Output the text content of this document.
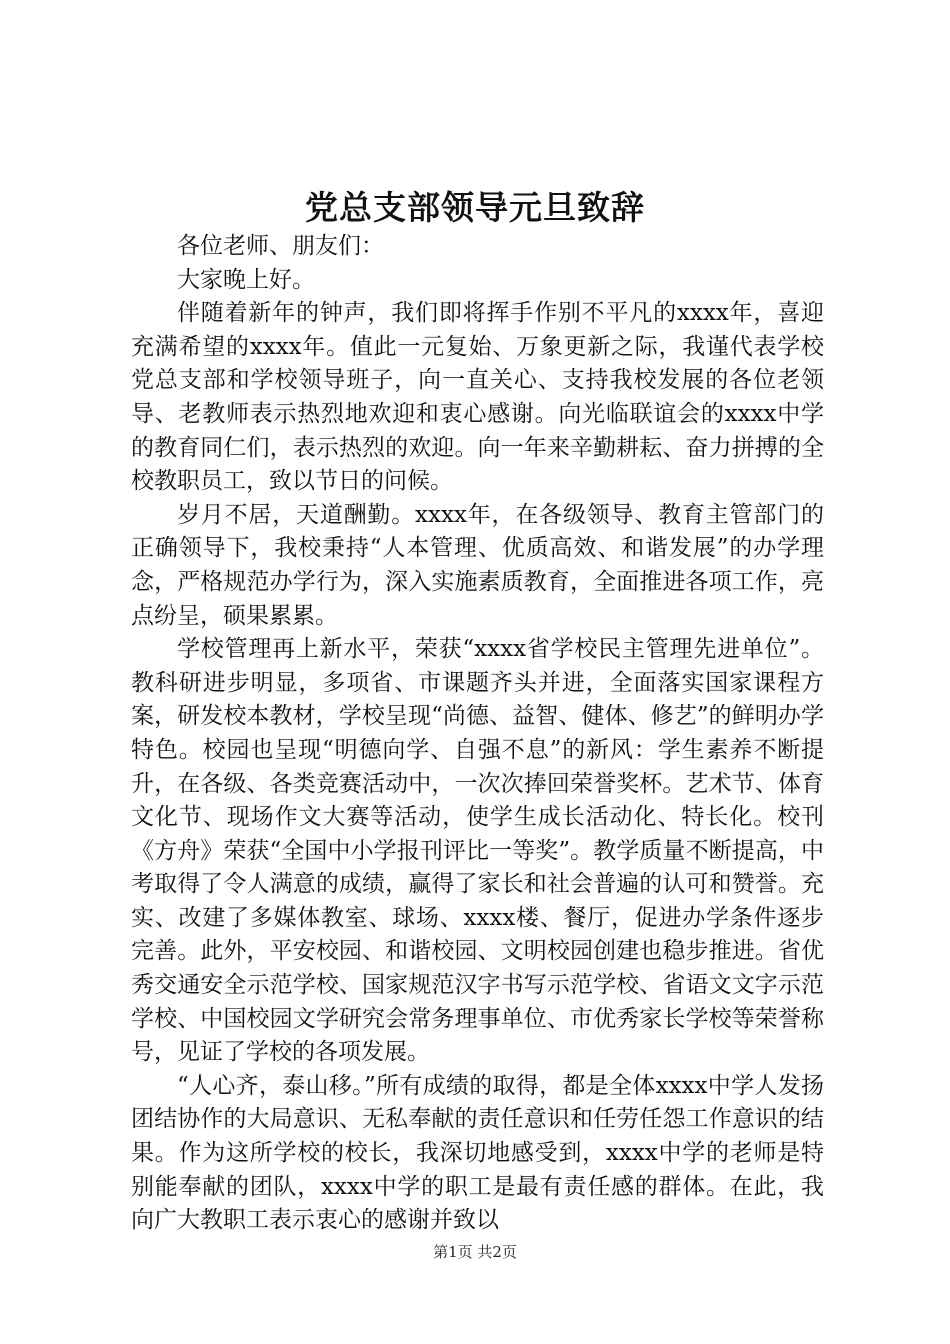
党总支部领导元旦致辞

各位老师、朋友们：

大家晚上好。

伴随着新年的钟声，我们即将挥手作别不平凡的xxxx年，喜迎充满希望的xxxx年。值此一元复始、万象更新之际，我谨代表学校党总支部和学校领导班子，向一直关心、支持我校发展的各位老领导、老教师表示热烈地欢迎和衷心感谢。向光临联谊会的xxxx中学的教育同仁们，表示热烈的欢迎。向一年来辛勤耕耘、奋力拼搏的全校教职员工，致以节日的问候。

岁月不居，天道酬勤。xxxx年，在各级领导、教育主管部门的正确领导下，我校秉持“人本管理、优质高效、和谐发展”的办学理念，严格规范办学行为，深入实施素质教育，全面推进各项工作，亮点纷呈，硕果累累。

学校管理再上新水平，荣获“xxxx省学校民主管理先进单位”。教科研进步明显，多项省、市课题齐头并进，全面落实国家课程方案，研发校本教材，学校呈现“尚德、益智、健体、修艺”的鲜明办学特色。校园也呈现“明德向学、自强不息”的新风：学生素养不断提升，在各级、各类竞赛活动中，一次次捧回荣誉奖杯。艺术节、体育文化节、现场作文大赛等活动，使学生成长活动化、特长化。校刊《方舟》荣获“全国中小学报刊评比一等奖”。教学质量不断提高，中考取得了令人满意的成绩，赢得了家长和社会普遍的认可和赞誉。充实、改建了多媒体教室、球场、xxxx楼、餐厅，促进办学条件逐步完善。此外，平安校园、和谐校园、文明校园创建也稳步推进。省优秀交通安全示范学校、国家规范汉字书写示范学校、省语文文字示范学校、中国校园文学研究会常务理事单位、市优秀家长学校等荣誉称号，见证了学校的各项发展。

“人心齐，泰山移。”所有成绩的取得，都是全体xxxx中学人发扬团结协作的大局意识、无私奉献的责任意识和任劳任怨工作意识的结果。作为这所学校的校长，我深切地感受到，xxxx中学的老师是特别能奉献的团队，xxxx中学的职工是最有责任感的群体。在此，我向广大教职工表示衷心的感谢并致以

第1页 共2页
